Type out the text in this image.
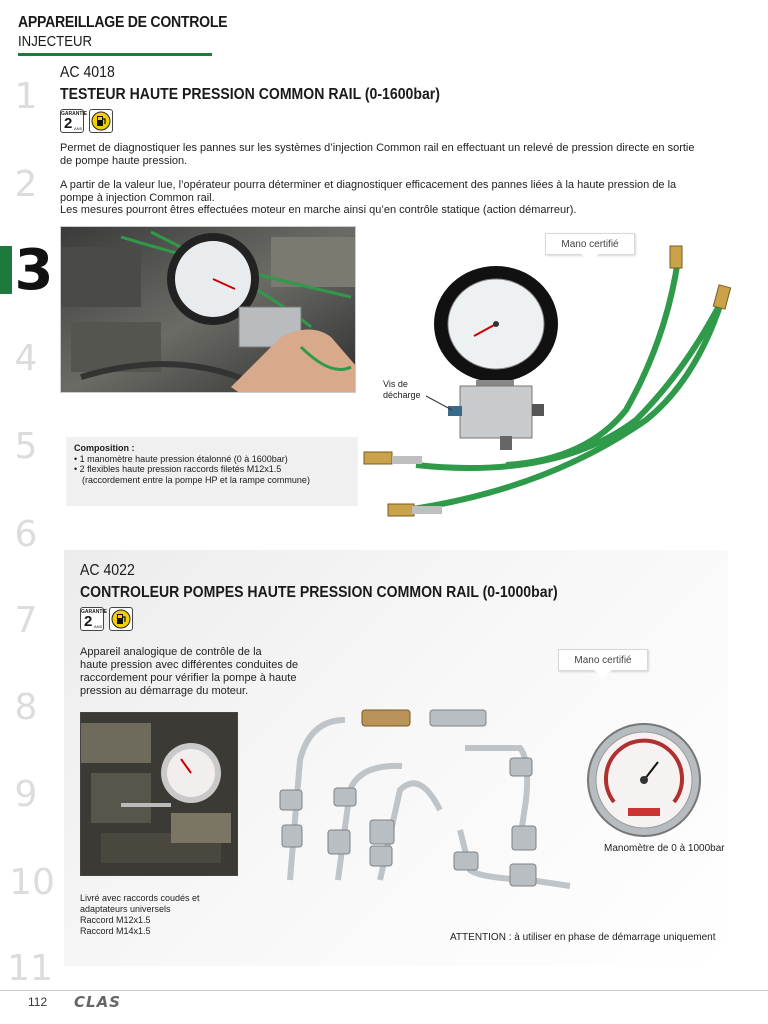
APPAREILLAGE DE CONTROLE
INJECTEUR
1
2
3
4
5
6
7
8
9
10
11
AC 4018
TESTEUR HAUTE PRESSION COMMON RAIL (0-1600bar)
GARANTIE
2 ANS
Permet de diagnostiquer les pannes sur les systèmes d’injection Common rail en effectuant un relevé de pression directe en sortie de pompe haute pression.
A partir de la valeur lue, l’opérateur pourra déterminer et diagnostiquer efficacement des pannes liées à la haute pression de la pompe à injection Common rail.
Les mesures pourront êtres effectuées moteur en marche ainsi qu’en contrôle statique (action démarreur).
Mano certifié
Vis de
décharge
Composition :
• 1 manomètre haute pression étalonné (0 à 1600bar)
• 2 flexibles haute pression raccords filetés M12x1.5
(raccordement entre la pompe HP et la rampe commune)
AC 4022
CONTROLEUR POMPES HAUTE PRESSION COMMON RAIL (0-1000bar)
GARANTIE
2 ANS
Appareil analogique de contrôle de la
haute pression avec différentes conduites de
raccordement pour vérifier la pompe à haute
pression au démarrage du moteur.
Mano certifié
Manomètre de 0 à 1000bar
Livré avec raccords coudés et
adaptateurs universels
Raccord M12x1.5
Raccord M14x1.5
ATTENTION : à utiliser en phase de démarrage uniquement
112 CLAS
